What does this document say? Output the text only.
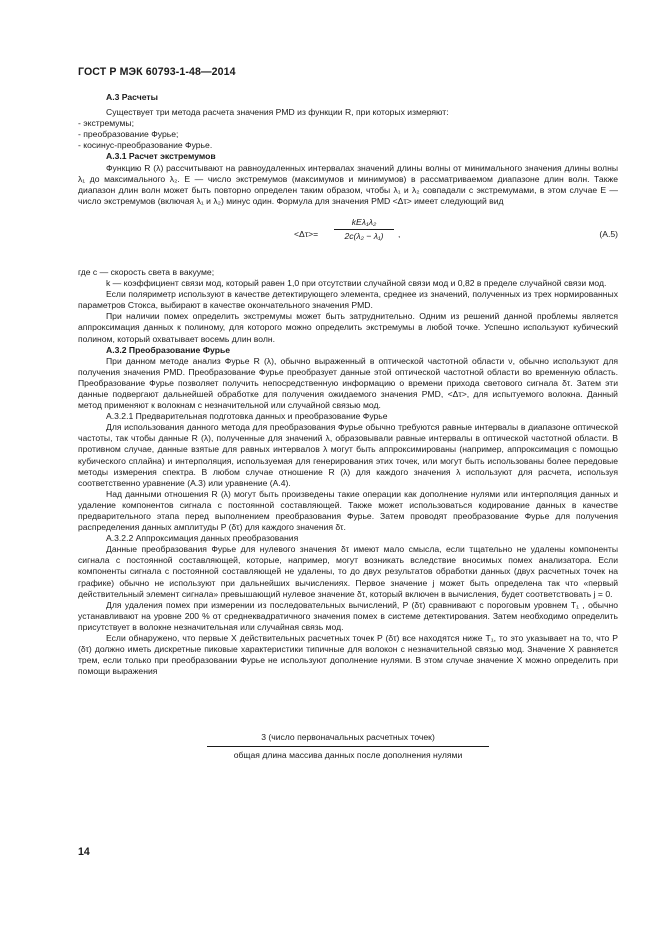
ГОСТ Р МЭК 60793-1-48—2014

А.3 Расчеты

Существует три метода расчета значения PMD из функции R, при которых измеряют:

- экстремумы;

- преобразование Фурье;

- косинус-преобразование Фурье.

А.3.1 Расчет экстремумов

Функцию R (λ) рассчитывают на равноудаленных интервалах значений длины волны от минимального значения длины волны λ₁ до максимального λ₂. E — число экстремумов (максимумов и минимумов) в рассматриваемом диапазоне длин волн. Также диапазон длин волн может быть повторно определен таким образом, чтобы λ₁ и λ₂ совпадали с экстремумами, в этом случае E — число экстремумов (включая λ₁ и λ₂) минус один. Формула для значения PMD <Δτ> имеет следующий вид

<Δτ>=
kEλ₁λ₂
2c(λ₂ − λ₁)	,	(A.5)

где c — скорость света в вакууме;

k — коэффициент связи мод, который равен 1,0 при отсутствии случайной связи мод и 0,82 в пределе случайной связи мод.

Если поляриметр используют в качестве детектирующего элемента, среднее из значений, полученных из трех нормированных параметров Стокса, выбирают в качестве окончательного значения PMD.

При наличии помех определить экстремумы может быть затруднительно. Одним из решений данной проблемы является аппроксимация данных к полиному, для которого можно определить экстремумы в любой точке. Успешно используют кубический полином, который охватывает восемь длин волн.

А.3.2 Преобразование Фурье

При данном методе анализ Фурье R (λ), обычно выраженный в оптической частотной области ν, обычно используют для получения значения PMD. Преобразование Фурье преобразует данные этой оптической частотной области во временную область. Преобразование Фурье позволяет получить непосредственную информацию о времени прихода светового сигнала δτ. Затем эти данные подвергают дальнейшей обработке для получения ожидаемого значения PMD, <Δτ>, для испытуемого волокна. Данный метод применяют к волокнам с незначительной или случайной связью мод.

А.3.2.1 Предварительная подготовка данных и преобразование Фурье

Для использования данного метода для преобразования Фурье обычно требуются равные интервалы в диапазоне оптической частоты, так чтобы данные R (λ), полученные для значений λ, образовывали равные интервалы в оптической частотной области. В противном случае, данные взятые для равных интервалов λ могут быть аппроксимированы (например, аппроксимация с помощью кубического сплайна) и интерполяция, используемая для генерирования этих точек, или могут быть использованы более передовые методы измерения спектра. В любом случае отношение R (λ) для каждого значения λ используют для расчета, используя соответственно уравнение (A.3) или уравнение (A.4).

Над данными отношения R (λ) могут быть произведены такие операции как дополнение нулями или интерполяция данных и удаление компонентов сигнала с постоянной составляющей. Также может использоваться кодирование данных в качестве предварительного этапа перед выполнением преобразования Фурье. Затем проводят преобразование Фурье для получения распределения данных амплитуды P (δτ) для каждого значения δτ.

А.3.2.2 Аппроксимация данных преобразования

Данные преобразования Фурье для нулевого значения δτ имеют мало смысла, если тщательно не удалены компоненты сигнала с постоянной составляющей, которые, например, могут возникать вследствие вносимых помех анализатора. Если компоненты сигнала с постоянной составляющей не удалены, то до двух результатов обработки данных (двух расчетных точек на графике) обычно не используют при дальнейших вычислениях. Первое значение j может быть определена так что «первый действительный элемент сигнала» превышающий нулевое значение δτ, который включен в вычисления, будет соответствовать j = 0.

Для удаления помех при измерении из последовательных вычислений, P (δτ) сравнивают с пороговым уровнем T₁ , обычно устанавливают на уровне 200 % от среднеквадратичного значения помех в системе детектирования. Затем необходимо определить присутствует в волокне незначительная или случайная связь мод.

Если обнаружено, что первые X действительных расчетных точек P (δτ) все находятся ниже T₁, то это указывает на то, что P (δτ) должно иметь дискретные пиковые характеристики типичные для волокон с незначительной связью мод. Значение X равняется трем, если только при преобразовании Фурье не используют дополнение нулями. В этом случае значение X можно определить при помощи выражения

3 (число первоначальных расчетных точек)
общая длина массива данных после дополнения нулями
14
